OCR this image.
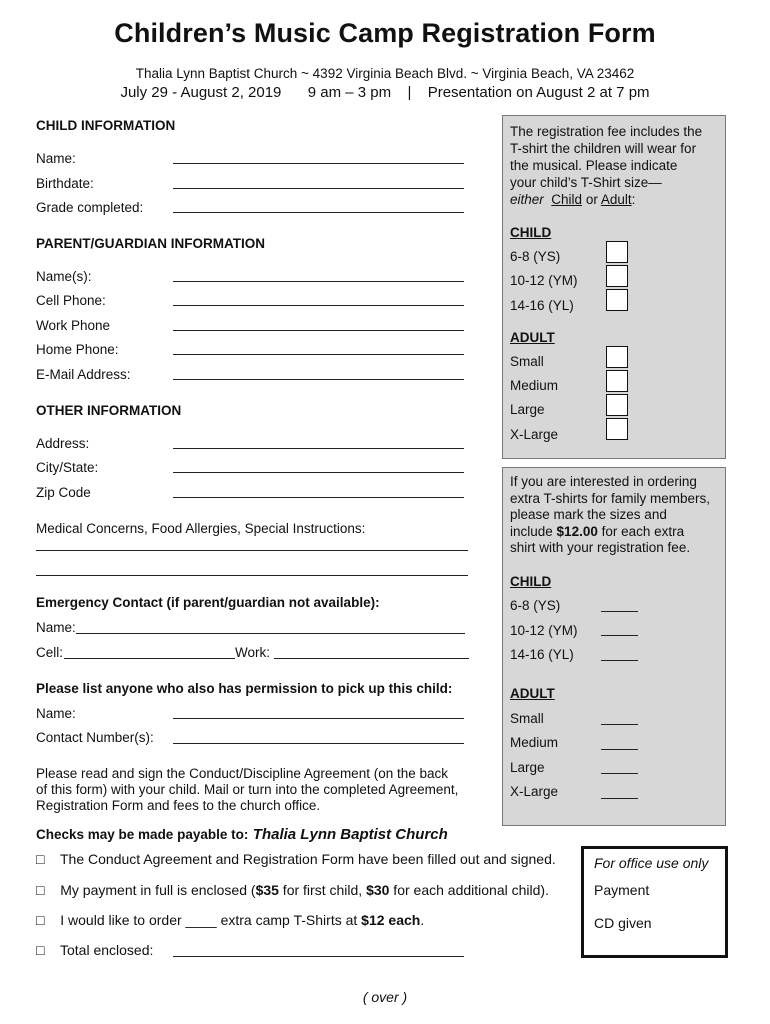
Children’s Music Camp Registration Form
Thalia Lynn Baptist Church ~ 4392 Virginia Beach Blvd. ~ Virginia Beach, VA 23462
July 29 - August 2, 2019 9 am – 3 pm | Presentation on August 2 at 7 pm
CHILD INFORMATION
Name:
Birthdate:
Grade completed:
PARENT/GUARDIAN INFORMATION
Name(s):
Cell Phone:
Work Phone
Home Phone:
E-Mail Address:
OTHER INFORMATION
Address:
City/State:
Zip Code
Medical Concerns, Food Allergies, Special Instructions:
Emergency Contact (if parent/guardian not available):
Name:
Cell:	Work:
Please list anyone who also has permission to pick up this child:
Name:
Contact Number(s):
Please read and sign the Conduct/Discipline Agreement (on the back
of this form) with your child. Mail or turn into the completed Agreement,
Registration Form and fees to the church office.
Checks may be made payable to: Thalia Lynn Baptist Church
□ The Conduct Agreement and Registration Form have been filled out and signed.
□ My payment in full is enclosed ($35 for first child, $30 for each additional child).
□ I would like to order ____ extra camp T-Shirts at $12 each.
□ Total enclosed:
The registration fee includes the
T-shirt the children will wear for
the musical. Please indicate
your child’s T-Shirt size—
either Child or Adult:
CHILD
6-8 (YS)
10-12 (YM)
14-16 (YL)
ADULT
Small
Medium
Large
X-Large
If you are interested in ordering
extra T-shirts for family members,
please mark the sizes and
include $12.00 for each extra
shirt with your registration fee.
CHILD
6-8 (YS)
10-12 (YM)
14-16 (YL)
ADULT
Small
Medium
Large
X-Large
For office use only
Payment
CD given
( over )
